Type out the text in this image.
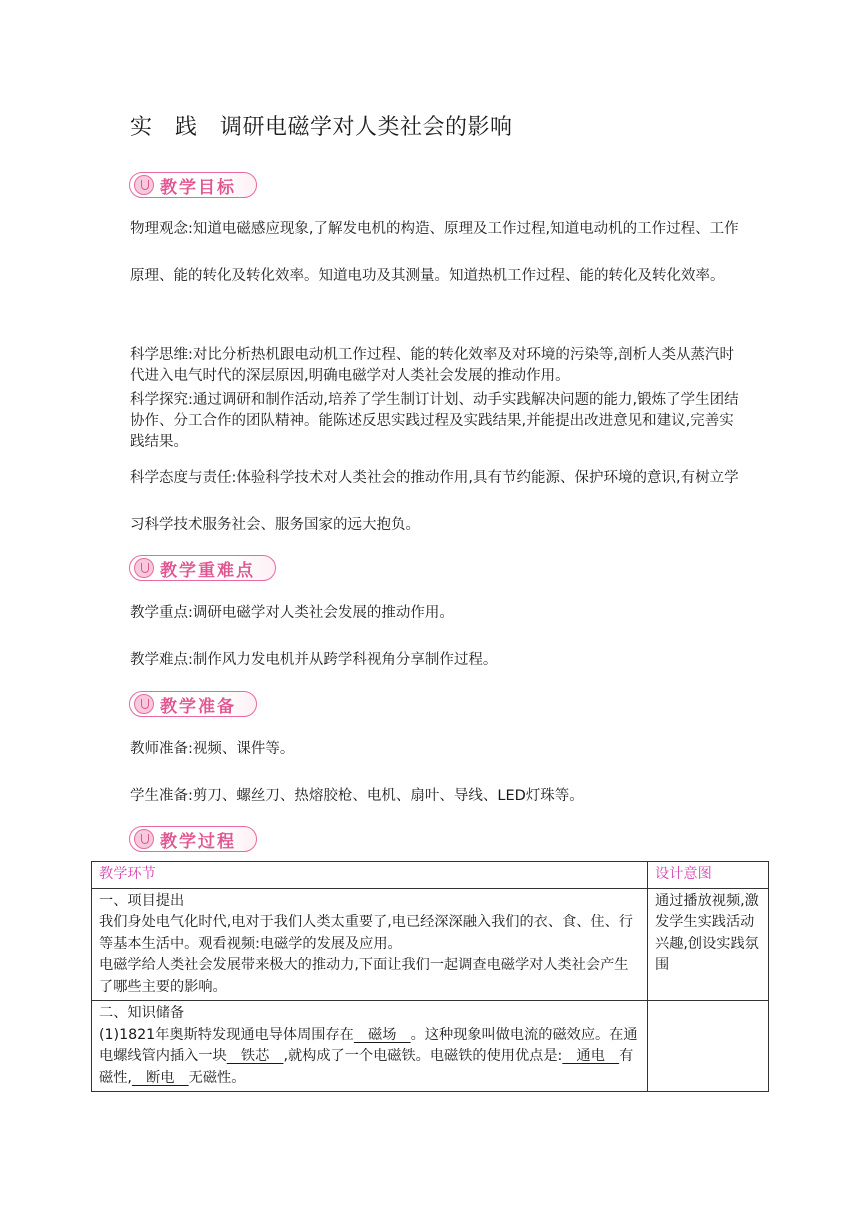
实　践　调研电磁学对人类社会的影响
教学目标

物理观念:知道电磁感应现象,了解发电机的构造、原理及工作过程,知道电动机的工作过程、工作原理、能的转化及转化效率。知道电功及其测量。知道热机工作过程、能的转化及转化效率。

科学思维:对比分析热机跟电动机工作过程、能的转化效率及对环境的污染等,剖析人类从蒸汽时代进入电气时代的深层原因,明确电磁学对人类社会发展的推动作用。

科学探究:通过调研和制作活动,培养了学生制订计划、动手实践解决问题的能力,锻炼了学生团结协作、分工合作的团队精神。能陈述反思实践过程及实践结果,并能提出改进意见和建议,完善实践结果。

科学态度与责任:体验科学技术对人类社会的推动作用,具有节约能源、保护环境的意识,有树立学习科学技术服务社会、服务国家的远大抱负。

教学重难点

教学重点:调研电磁学对人类社会发展的推动作用。

教学难点:制作风力发电机并从跨学科视角分享制作过程。

教学准备

教师准备:视频、课件等。

学生准备:剪刀、螺丝刀、热熔胶枪、电机、扇叶、导线、LED灯珠等。

教学过程
教学环节	设计意图

一、项目提出
我们身处电气化时代,电对于我们人类太重要了,电已经深深融入我们的衣、食、住、行等基本生活中。观看视频:电磁学的发展及应用。
电磁学给人类社会发展带来极大的推动力,下面让我们一起调查电磁学对人类社会产生了哪些主要的影响。	通过播放视频,激发学生实践活动兴趣,创设实践氛围

二、知识储备
(1)1821年奥斯特发现通电导体周围存在　磁场　。这种现象叫做电流的磁效应。在通电螺线管内插入一块　铁芯　,就构成了一个电磁铁。电磁铁的使用优点是:　通电　有磁性,　断电　无磁性。	
